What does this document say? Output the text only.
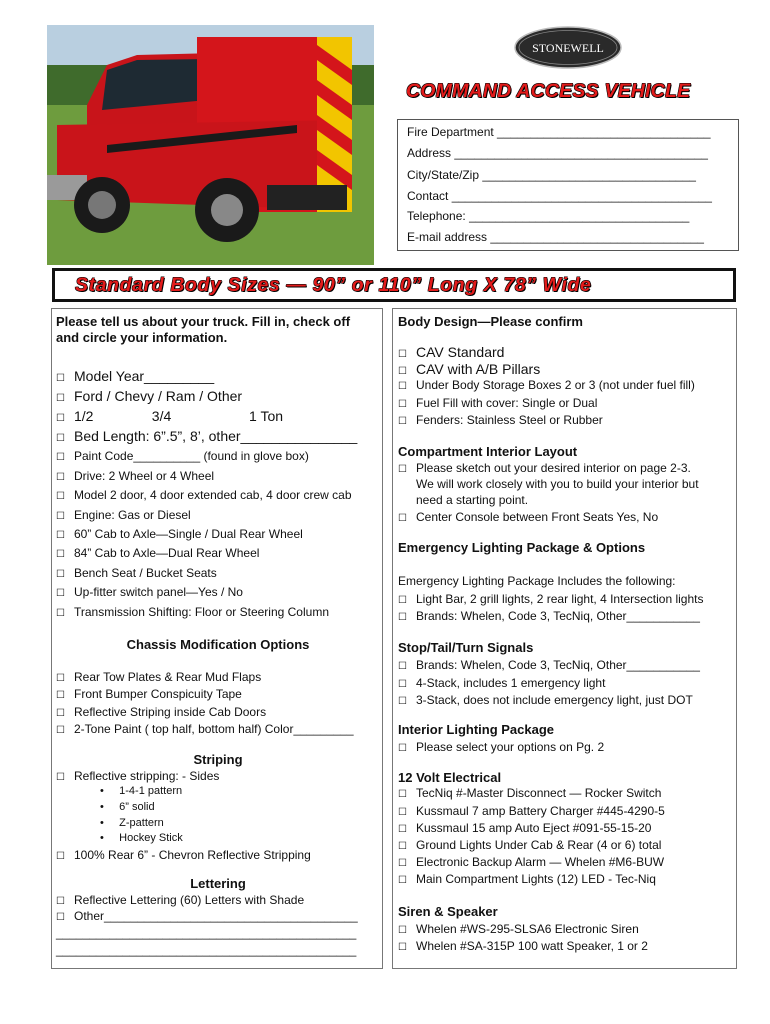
STONEWELL
COMMAND ACCESS VEHICLE
Fire Department ________________________________
Address ______________________________________
City/State/Zip ________________________________
Contact _______________________________________
Telephone: _________________________________
E-mail address ________________________________
Standard Body Sizes — 90” or 110” Long X 78” Wide
Please tell us about your truck. Fill in, check off
and circle your information.
☐ Model Year_________
☐ Ford / Chevy / Ram / Other
☐ 1/2               3/4                    1 Ton
☐ Bed Length: 6”.5”, 8’, other_______________
☐ Paint Code__________ (found in glove box)
☐ Drive: 2 Wheel or 4 Wheel
☐ Model 2 door, 4 door extended cab, 4 door crew cab
☐ Engine: Gas or Diesel
☐ 60” Cab to Axle—Single / Dual Rear Wheel
☐ 84” Cab to Axle—Dual Rear Wheel
☐ Bench Seat / Bucket Seats
☐ Up-fitter switch panel—Yes / No
☐ Transmission Shifting: Floor or Steering Column
Chassis Modification Options
☐ Rear Tow Plates & Rear Mud Flaps
☐ Front Bumper Conspicuity Tape
☐ Reflective Striping inside Cab Doors
☐ 2-Tone Paint ( top half, bottom half) Color_________
Striping
☐ Reflective stripping: - Sides
•     1-4-1 pattern
•     6” solid
•     Z-pattern
•     Hockey Stick
☐ 100% Rear 6” - Chevron Reflective Stripping
Lettering
☐ Reflective Lettering (60) Letters with Shade
☐ Other______________________________________
_____________________________________________
_____________________________________________
Body Design—Please confirm
☐ CAV Standard
☐ CAV with A/B Pillars
☐ Under Body Storage Boxes 2 or 3 (not under fuel fill)
☐ Fuel Fill with cover: Single or Dual
☐ Fenders: Stainless Steel or Rubber
Compartment Interior Layout
☐ Please sketch out your desired interior on page 2-3.
We will work closely with you to build your interior but
need a starting point.
☐ Center Console between Front Seats Yes, No
Emergency Lighting Package & Options
Emergency Lighting Package Includes the following:
☐ Light Bar, 2 grill lights, 2 rear light, 4 Intersection lights
☐ Brands: Whelen, Code 3, TecNiq, Other___________
Stop/Tail/Turn Signals
☐ Brands: Whelen, Code 3, TecNiq, Other___________
☐ 4-Stack, includes 1 emergency light
☐ 3-Stack, does not include emergency light, just DOT
Interior Lighting Package
☐ Please select your options on Pg. 2
12 Volt Electrical
☐ TecNiq #-Master Disconnect — Rocker Switch
☐ Kussmaul 7 amp Battery Charger #445-4290-5
☐ Kussmaul 15 amp Auto Eject #091-55-15-20
☐ Ground Lights Under Cab & Rear (4 or 6) total
☐ Electronic Backup Alarm — Whelen #M6-BUW
☐ Main Compartment Lights (12) LED - Tec-Niq
Siren & Speaker
☐ Whelen #WS-295-SLSA6 Electronic Siren
☐ Whelen #SA-315P 100 watt Speaker, 1 or 2
